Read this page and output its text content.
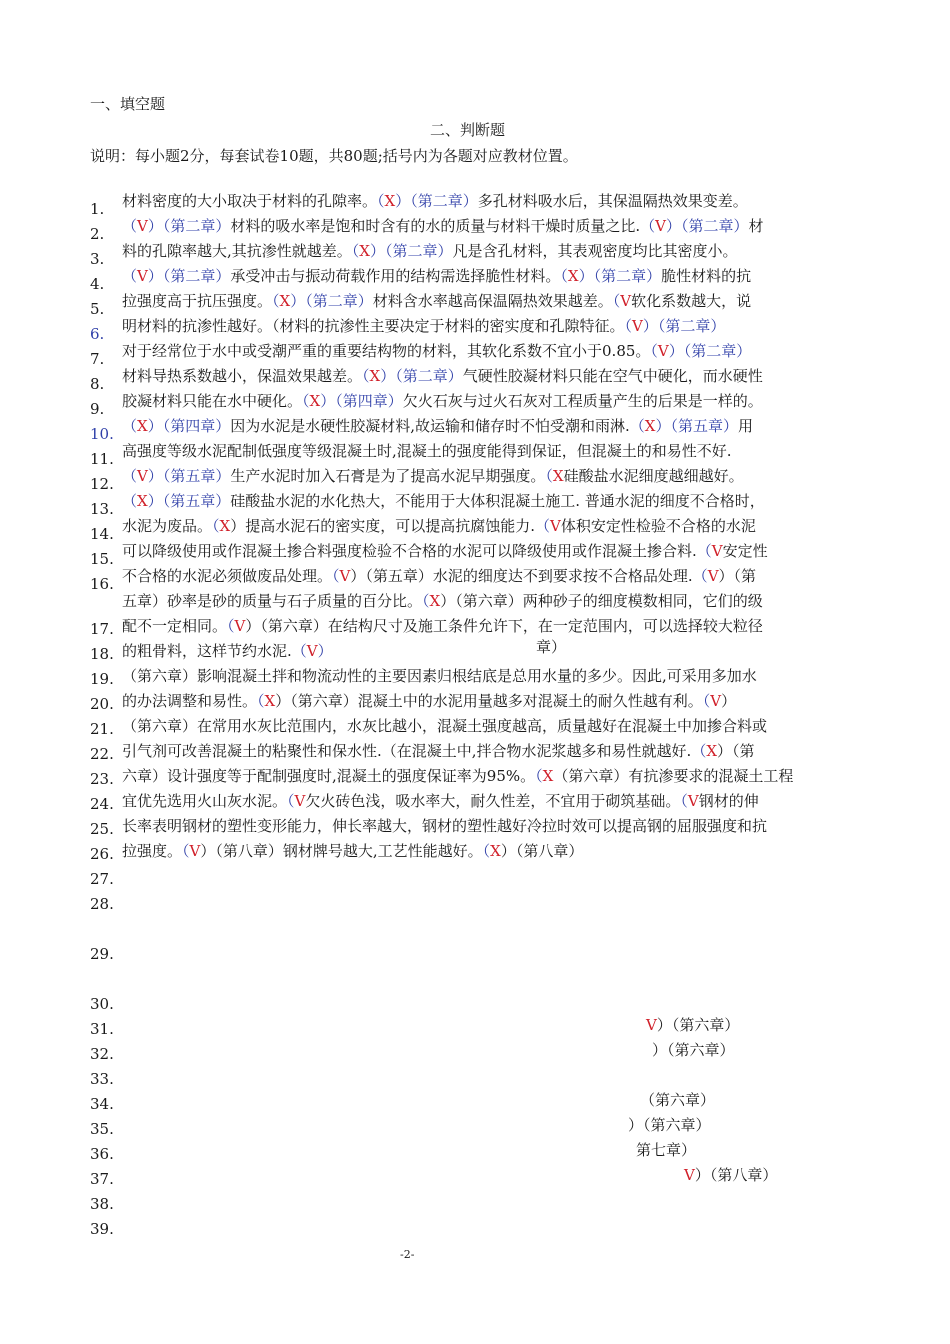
一、填空题
二、判断题
说明：每小题2分，每套试卷10题，共80题;括号内为各题对应教材位置。
1.
2.
3.
4.
5.
6.
7.
8.
9.
10.
11.
12.
13.
14.
15.
16.
17.
18.
19.
20.
21.
22.
23.
24.
25.
26.
27.
28.
29.
30.
31.
32.
33.
34.
35.
36.
37.
38.
39.
材料密度的大小取决于材料的孔隙率。（X）（第二章）多孔材料吸水后，其保温隔热效果变差。
（V）（第二章）材料的吸水率是饱和时含有的水的质量与材料干燥时质量之比.（V）（第二章）材
料的孔隙率越大,其抗渗性就越差。（X）（第二章）凡是含孔材料，其表观密度均比其密度小。
（V）（第二章）承受冲击与振动荷载作用的结构需选择脆性材料。（X）（第二章）脆性材料的抗
拉强度高于抗压强度。（X）（第二章）材料含水率越高保温隔热效果越差。（V软化系数越大，说
明材料的抗渗性越好。（材料的抗渗性主要决定于材料的密实度和孔隙特征。（V）（第二章）
对于经常位于水中或受潮严重的重要结构物的材料，其软化系数不宜小于0.85。（V）（第二章）
材料导热系数越小，保温效果越差。（X）（第二章）气硬性胶凝材料只能在空气中硬化，而水硬性
胶凝材料只能在水中硬化。（X）（第四章）欠火石灰与过火石灰对工程质量产生的后果是一样的。
（X）（第四章）因为水泥是水硬性胶凝材料,故运输和储存时不怕受潮和雨淋.（X）（第五章）用
高强度等级水泥配制低强度等级混凝土时,混凝土的强度能得到保证，但混凝土的和易性不好.
（V）（第五章）生产水泥时加入石膏是为了提高水泥早期强度。（X硅酸盐水泥细度越细越好。
（X）（第五章）硅酸盐水泥的水化热大，不能用于大体积混凝土施工. 普通水泥的细度不合格时，
水泥为废品。（X）提高水泥石的密实度，可以提高抗腐蚀能力.（V体积安定性检验不合格的水泥
可以降级使用或作混凝土掺合料强度检验不合格的水泥可以降级使用或作混凝土掺合料.（V安定性
不合格的水泥必须做废品处理。（V）（第五章）水泥的细度达不到要求按不合格品处理.（V）（第
五章）砂率是砂的质量与石子质量的百分比。（X）（第六章）两种砂子的细度模数相同，它们的级
配不一定相同。（V）（第六章）在结构尺寸及施工条件允许下，在一定范围内，可以选择较大粒径
的粗骨料，这样节约水泥.（V）
（第六章）影响混凝土拌和物流动性的主要因素归根结底是总用水量的多少。因此,可采用多加水
的办法调整和易性。（X）（第六章）混凝土中的水泥用量越多对混凝土的耐久性越有利。（V）
（第六章）在常用水灰比范围内，水灰比越小，混凝土强度越高，质量越好在混凝土中加掺合料或
引气剂可改善混凝土的粘聚性和保水性.（在混凝土中,拌合物水泥浆越多和易性就越好.（X）（第
六章）设计强度等于配制强度时,混凝土的强度保证率为95%。（X（第六章）有抗渗要求的混凝土工程
宜优先选用火山灰水泥。（V欠火砖色浅，吸水率大，耐久性差，不宜用于砌筑基础。（V钢材的伸
长率表明钢材的塑性变形能力，伸长率越大，钢材的塑性越好冷拉时效可以提高钢的屈服强度和抗
拉强度。（V）（第八章）钢材牌号越大,工艺性能越好。（X）（第八章）
章）
V）（第六章）
）（第六章）
（第六章）
）（第六章）
第七章）
V）（第八章）
-2-
